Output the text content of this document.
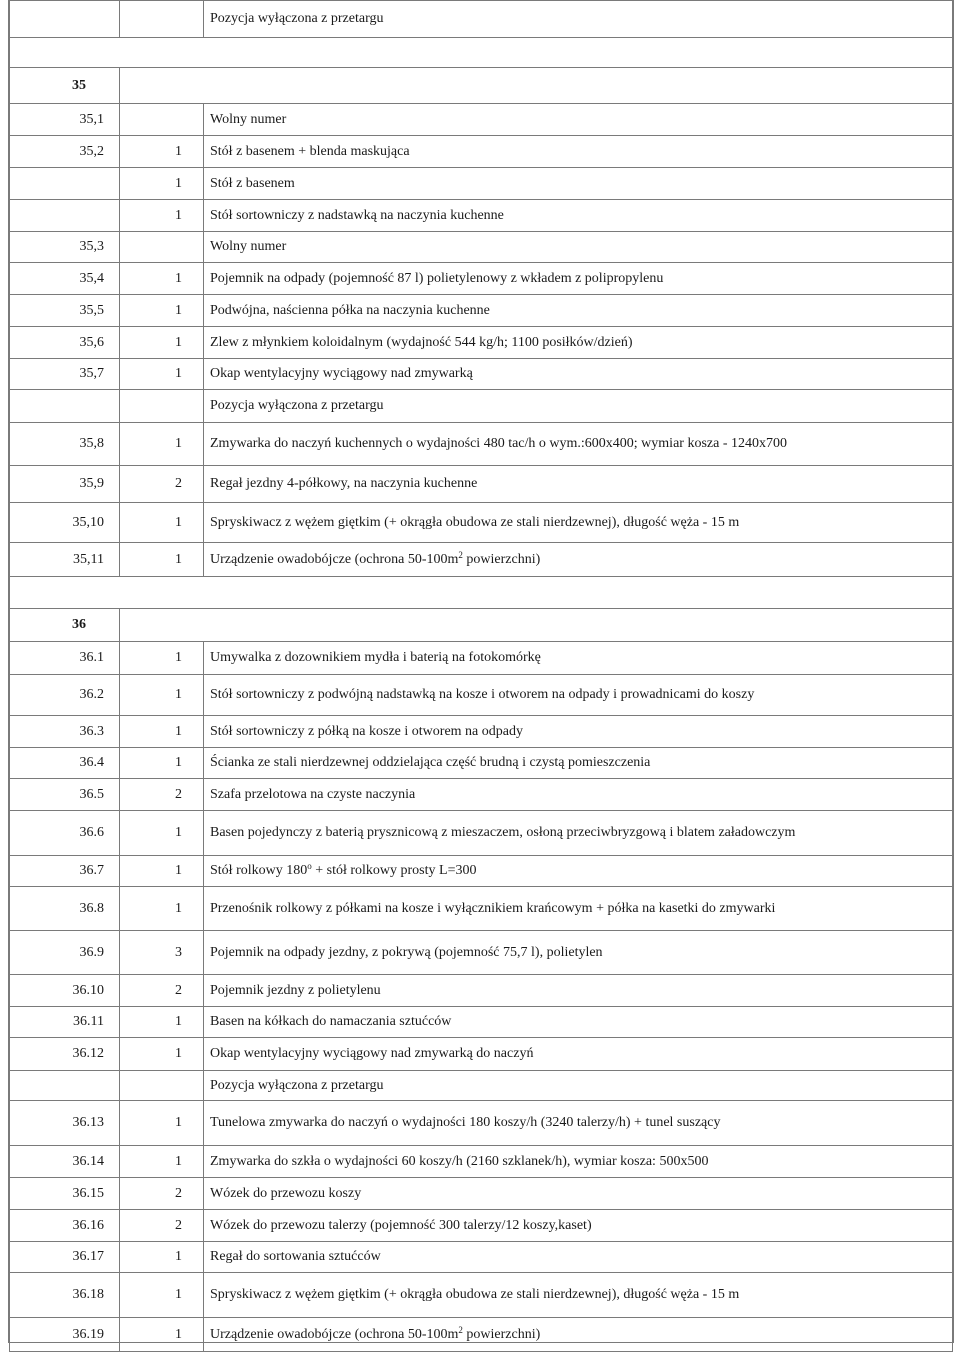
		Pozycja wyłączona z przetargu

35		
35,1		Wolny numer
35,2	1	Stół z basenem + blenda maskująca
	1	Stół z basenem
	1	Stół sortowniczy z nadstawką na naczynia kuchenne
35,3		Wolny numer
35,4	1	Pojemnik na odpady (pojemność 87 l) polietylenowy z wkładem z polipropylenu
35,5	1	Podwójna, naścienna półka na naczynia kuchenne
35,6	1	Zlew z młynkiem koloidalnym (wydajność 544 kg/h; 1100 posiłków/dzień)
35,7	1	Okap wentylacyjny wyciągowy nad zmywarką
		Pozycja wyłączona z przetargu
35,8	1	Zmywarka do naczyń kuchennych o wydajności 480 tac/h o wym.:600x400; wymiar kosza - 1240x700
35,9	2	Regał jezdny 4-półkowy, na naczynia kuchenne
35,10	1	Spryskiwacz z wężem giętkim (+ okrągła obudowa ze stali nierdzewnej), długość węża - 15 m
35,11	1	Urządzenie owadobójcze (ochrona $50-100m^2$ powierzchni)

36		
36.1	1	Umywalka z dozownikiem mydła i baterią na fotokomórkę
36.2	1	Stół sortowniczy z podwójną nadstawką na kosze i otworem na odpady i prowadnicami do koszy
36.3	1	Stół sortowniczy z półką na kosze i otworem na odpady
36.4	1	Ścianka ze stali nierdzewnej oddzielająca część brudną i czystą pomieszczenia
36.5	2	Szafa przelotowa na czyste naczynia
36.6	1	Basen pojedynczy z baterią prysznicową z mieszaczem, osłoną przeciwbryzgową i blatem załadowczym
36.7	1	Stół rolkowy $180^o$ + stół rolkowy prosty L=300
36.8	1	Przenośnik rolkowy z półkami na kosze i wyłącznikiem krańcowym + półka na kasetki do zmywarki
36.9	3	Pojemnik na odpady jezdny, z pokrywą (pojemność 75,7 l), polietylen
36.10	2	Pojemnik jezdny z polietylenu
36.11	1	Basen na kółkach do namaczania sztućców
36.12	1	Okap wentylacyjny wyciągowy nad zmywarką do naczyń
		Pozycja wyłączona z przetargu
36.13	1	Tunelowa zmywarka do naczyń o wydajności 180 koszy/h (3240 talerzy/h) + tunel suszący
36.14	1	Zmywarka do szkła o wydajności 60 koszy/h (2160 szklanek/h), wymiar kosza: 500x500
36.15	2	Wózek do przewozu koszy
36.16	2	Wózek do przewozu talerzy (pojemność 300 talerzy/12 koszy,kaset)
36.17	1	Regał do sortowania sztućców
36.18	1	Spryskiwacz z wężem giętkim (+ okrągła obudowa ze stali nierdzewnej), długość węża - 15 m
36.19	1	Urządzenie owadobójcze (ochrona $50-100m^2$ powierzchni)
